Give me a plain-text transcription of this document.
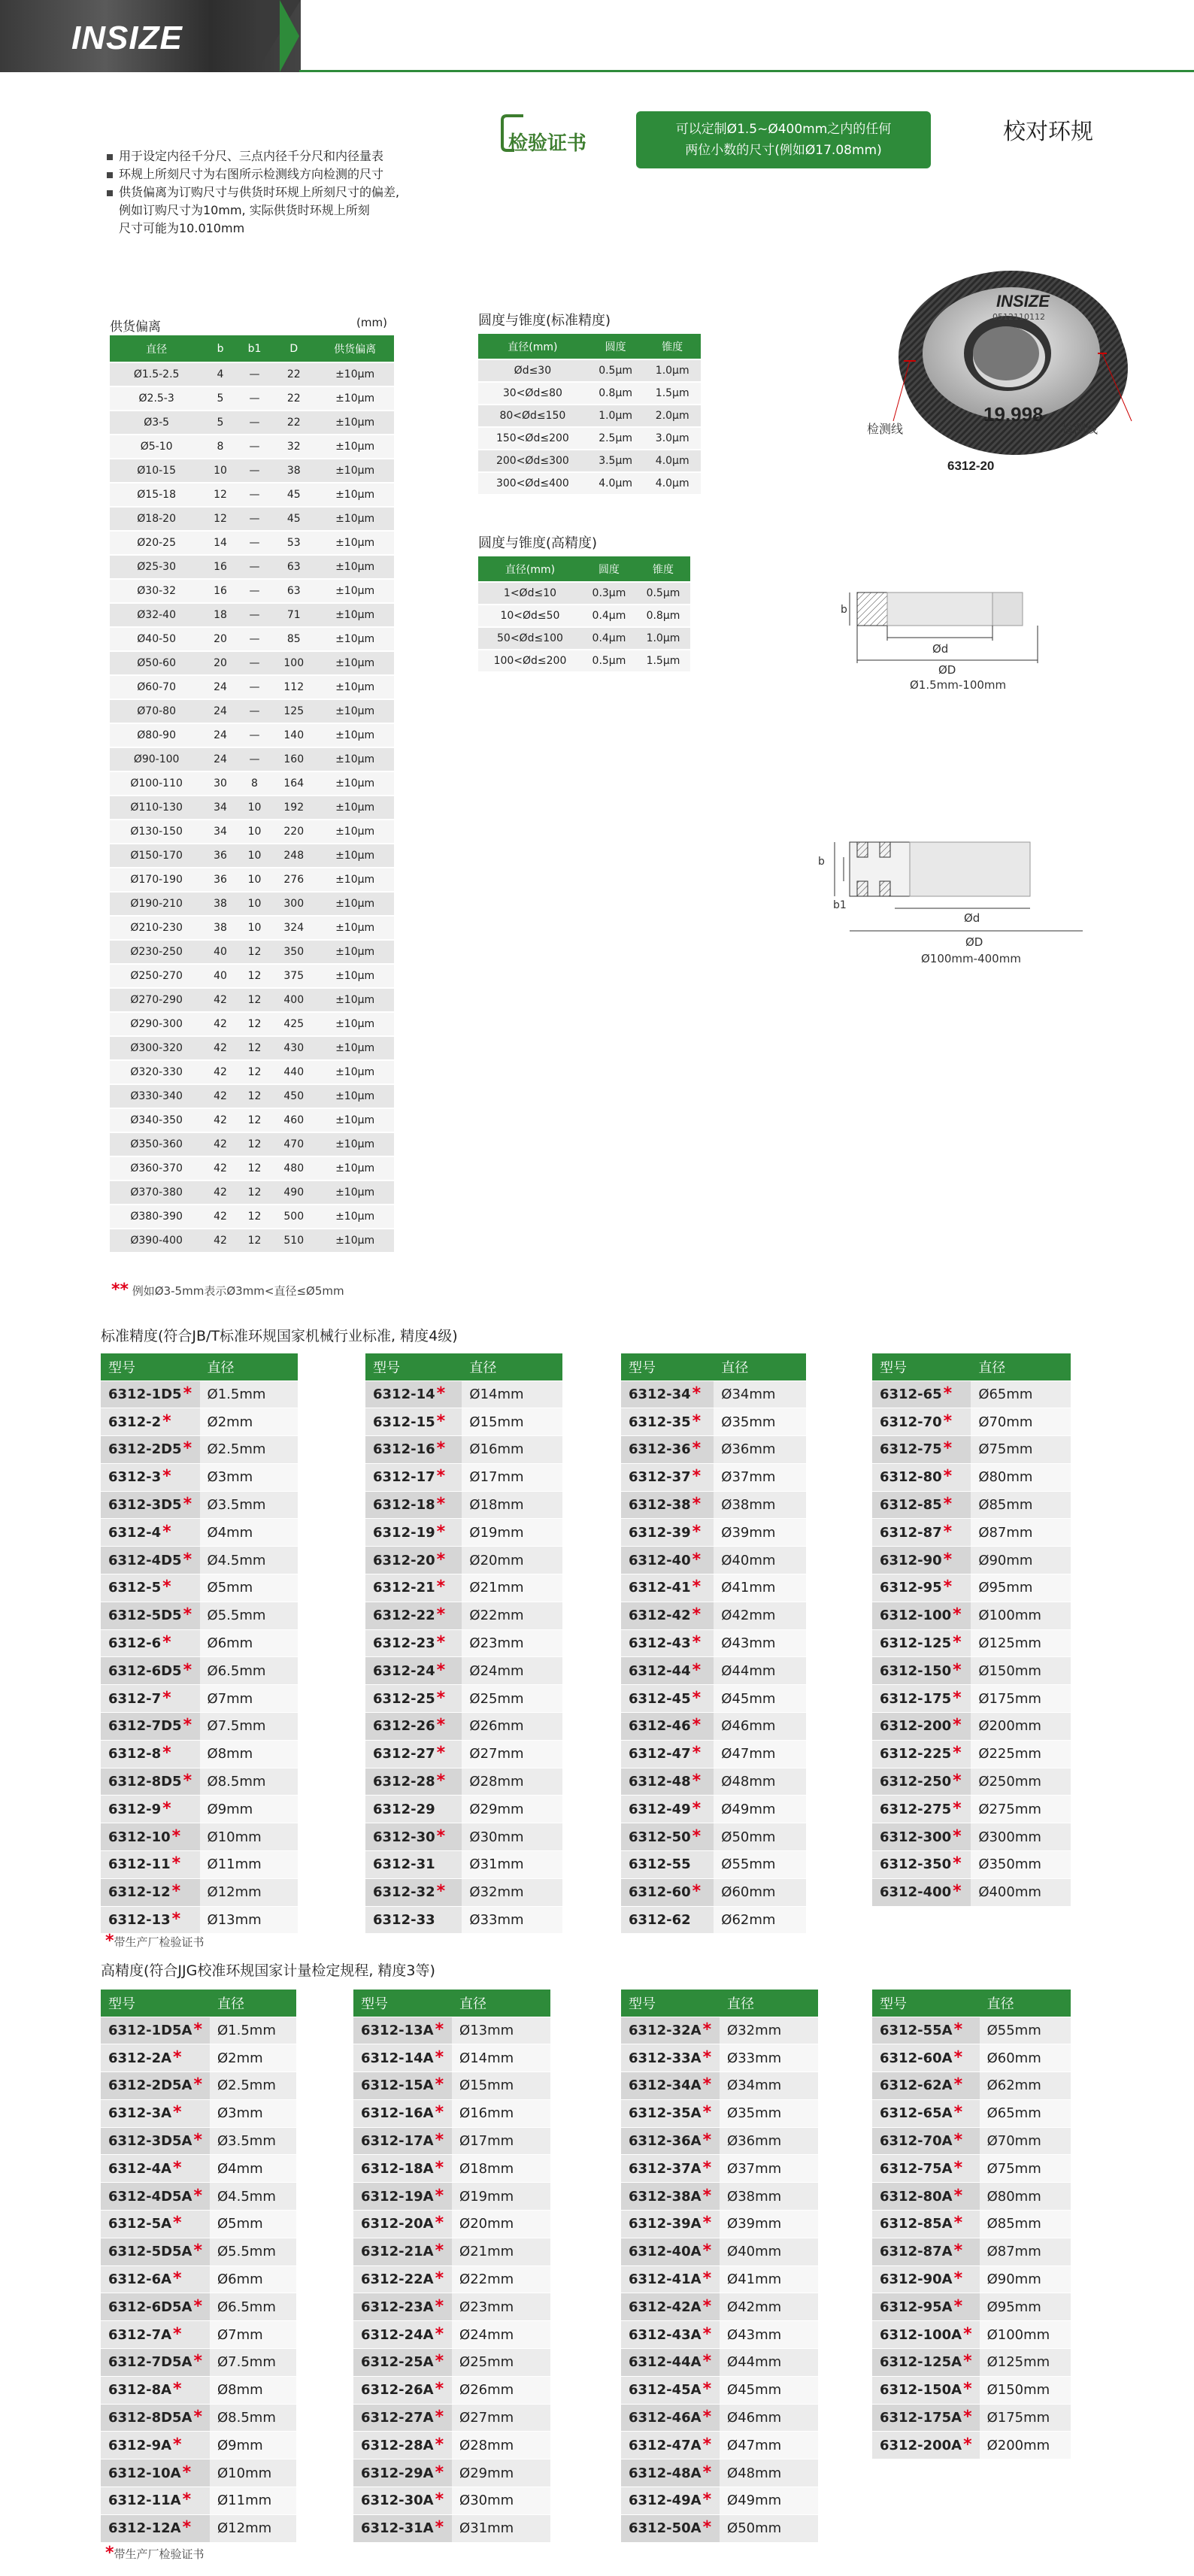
INSIZE
用于设定内径千分尺、三点内径千分尺和内径量表
环规上所刻尺寸为右图所示检测线方向检测的尺寸
供货偏离为订购尺寸与供货时环规上所刻尺寸的偏差,
例如订购尺寸为10mm, 实际供货时环规上所刻
尺寸可能为10.010mm
检验证书
可以定制Ø1.5~Ø400mm之内的任何
两位小数的尺寸(例如Ø17.08mm)
校对环规
INSIZE
0512110112
19.998
检测线	检测线
6312-20
b
Ød
ØD
Ø1.5mm-100mm
b
b1
Ød
ØD
Ø100mm-400mm
供货偏离	(mm)
直径	b	b1	D	供货偏离
Ø1.5-2.5	4	—	22	±10μm
Ø2.5-3	5	—	22	±10μm
Ø3-5	5	—	22	±10μm
Ø5-10	8	—	32	±10μm
Ø10-15	10	—	38	±10μm
Ø15-18	12	—	45	±10μm
Ø18-20	12	—	45	±10μm
Ø20-25	14	—	53	±10μm
Ø25-30	16	—	63	±10μm
Ø30-32	16	—	63	±10μm
Ø32-40	18	—	71	±10μm
Ø40-50	20	—	85	±10μm
Ø50-60	20	—	100	±10μm
Ø60-70	24	—	112	±10μm
Ø70-80	24	—	125	±10μm
Ø80-90	24	—	140	±10μm
Ø90-100	24	—	160	±10μm
Ø100-110	30	8	164	±10μm
Ø110-130	34	10	192	±10μm
Ø130-150	34	10	220	±10μm
Ø150-170	36	10	248	±10μm
Ø170-190	36	10	276	±10μm
Ø190-210	38	10	300	±10μm
Ø210-230	38	10	324	±10μm
Ø230-250	40	12	350	±10μm
Ø250-270	40	12	375	±10μm
Ø270-290	42	12	400	±10μm
Ø290-300	42	12	425	±10μm
Ø300-320	42	12	430	±10μm
Ø320-330	42	12	440	±10μm
Ø330-340	42	12	450	±10μm
Ø340-350	42	12	460	±10μm
Ø350-360	42	12	470	±10μm
Ø360-370	42	12	480	±10μm
Ø370-380	42	12	490	±10μm
Ø380-390	42	12	500	±10μm
Ø390-400	42	12	510	±10μm
** 例如Ø3-5mm表示Ø3mm<直径≤Ø5mm
圆度与锥度(标准精度)
直径(mm)	圆度	锥度
Ød≤30	0.5μm	1.0μm
30<Ød≤80	0.8μm	1.5μm
80<Ød≤150	1.0μm	2.0μm
150<Ød≤200	2.5μm	3.0μm
200<Ød≤300	3.5μm	4.0μm
300<Ød≤400	4.0μm	4.0μm
圆度与锥度(高精度)
直径(mm)	圆度	锥度
1<Ød≤10	0.3μm	0.5μm
10<Ød≤50	0.4μm	0.8μm
50<Ød≤100	0.4μm	1.0μm
100<Ød≤200	0.5μm	1.5μm
标准精度(符合JB/T标准环规国家机械行业标准, 精度4级)
型号	直径
6312-1D5*	Ø1.5mm
6312-2*	Ø2mm
6312-2D5*	Ø2.5mm
6312-3*	Ø3mm
6312-3D5*	Ø3.5mm
6312-4*	Ø4mm
6312-4D5*	Ø4.5mm
6312-5*	Ø5mm
6312-5D5*	Ø5.5mm
6312-6*	Ø6mm
6312-6D5*	Ø6.5mm
6312-7*	Ø7mm
6312-7D5*	Ø7.5mm
6312-8*	Ø8mm
6312-8D5*	Ø8.5mm
6312-9*	Ø9mm
6312-10*	Ø10mm
6312-11*	Ø11mm
6312-12*	Ø12mm
6312-13*	Ø13mm
型号	直径
6312-14*	Ø14mm
6312-15*	Ø15mm
6312-16*	Ø16mm
6312-17*	Ø17mm
6312-18*	Ø18mm
6312-19*	Ø19mm
6312-20*	Ø20mm
6312-21*	Ø21mm
6312-22*	Ø22mm
6312-23*	Ø23mm
6312-24*	Ø24mm
6312-25*	Ø25mm
6312-26*	Ø26mm
6312-27*	Ø27mm
6312-28*	Ø28mm
6312-29	Ø29mm
6312-30*	Ø30mm
6312-31	Ø31mm
6312-32*	Ø32mm
6312-33	Ø33mm
型号	直径
6312-34*	Ø34mm
6312-35*	Ø35mm
6312-36*	Ø36mm
6312-37*	Ø37mm
6312-38*	Ø38mm
6312-39*	Ø39mm
6312-40*	Ø40mm
6312-41*	Ø41mm
6312-42*	Ø42mm
6312-43*	Ø43mm
6312-44*	Ø44mm
6312-45*	Ø45mm
6312-46*	Ø46mm
6312-47*	Ø47mm
6312-48*	Ø48mm
6312-49*	Ø49mm
6312-50*	Ø50mm
6312-55	Ø55mm
6312-60*	Ø60mm
6312-62	Ø62mm
型号	直径
6312-65*	Ø65mm
6312-70*	Ø70mm
6312-75*	Ø75mm
6312-80*	Ø80mm
6312-85*	Ø85mm
6312-87*	Ø87mm
6312-90*	Ø90mm
6312-95*	Ø95mm
6312-100*	Ø100mm
6312-125*	Ø125mm
6312-150*	Ø150mm
6312-175*	Ø175mm
6312-200*	Ø200mm
6312-225*	Ø225mm
6312-250*	Ø250mm
6312-275*	Ø275mm
6312-300*	Ø300mm
6312-350*	Ø350mm
6312-400*	Ø400mm
*带生产厂检验证书
高精度(符合JJG校准环规国家计量检定规程, 精度3等)
型号	直径
6312-1D5A*	Ø1.5mm
6312-2A*	Ø2mm
6312-2D5A*	Ø2.5mm
6312-3A*	Ø3mm
6312-3D5A*	Ø3.5mm
6312-4A*	Ø4mm
6312-4D5A*	Ø4.5mm
6312-5A*	Ø5mm
6312-5D5A*	Ø5.5mm
6312-6A*	Ø6mm
6312-6D5A*	Ø6.5mm
6312-7A*	Ø7mm
6312-7D5A*	Ø7.5mm
6312-8A*	Ø8mm
6312-8D5A*	Ø8.5mm
6312-9A*	Ø9mm
6312-10A*	Ø10mm
6312-11A*	Ø11mm
6312-12A*	Ø12mm
型号	直径
6312-13A*	Ø13mm
6312-14A*	Ø14mm
6312-15A*	Ø15mm
6312-16A*	Ø16mm
6312-17A*	Ø17mm
6312-18A*	Ø18mm
6312-19A*	Ø19mm
6312-20A*	Ø20mm
6312-21A*	Ø21mm
6312-22A*	Ø22mm
6312-23A*	Ø23mm
6312-24A*	Ø24mm
6312-25A*	Ø25mm
6312-26A*	Ø26mm
6312-27A*	Ø27mm
6312-28A*	Ø28mm
6312-29A*	Ø29mm
6312-30A*	Ø30mm
6312-31A*	Ø31mm
型号	直径
6312-32A*	Ø32mm
6312-33A*	Ø33mm
6312-34A*	Ø34mm
6312-35A*	Ø35mm
6312-36A*	Ø36mm
6312-37A*	Ø37mm
6312-38A*	Ø38mm
6312-39A*	Ø39mm
6312-40A*	Ø40mm
6312-41A*	Ø41mm
6312-42A*	Ø42mm
6312-43A*	Ø43mm
6312-44A*	Ø44mm
6312-45A*	Ø45mm
6312-46A*	Ø46mm
6312-47A*	Ø47mm
6312-48A*	Ø48mm
6312-49A*	Ø49mm
6312-50A*	Ø50mm
型号	直径
6312-55A*	Ø55mm
6312-60A*	Ø60mm
6312-62A*	Ø62mm
6312-65A*	Ø65mm
6312-70A*	Ø70mm
6312-75A*	Ø75mm
6312-80A*	Ø80mm
6312-85A*	Ø85mm
6312-87A*	Ø87mm
6312-90A*	Ø90mm
6312-95A*	Ø95mm
6312-100A*	Ø100mm
6312-125A*	Ø125mm
6312-150A*	Ø150mm
6312-175A*	Ø175mm
6312-200A*	Ø200mm
*带生产厂检验证书
